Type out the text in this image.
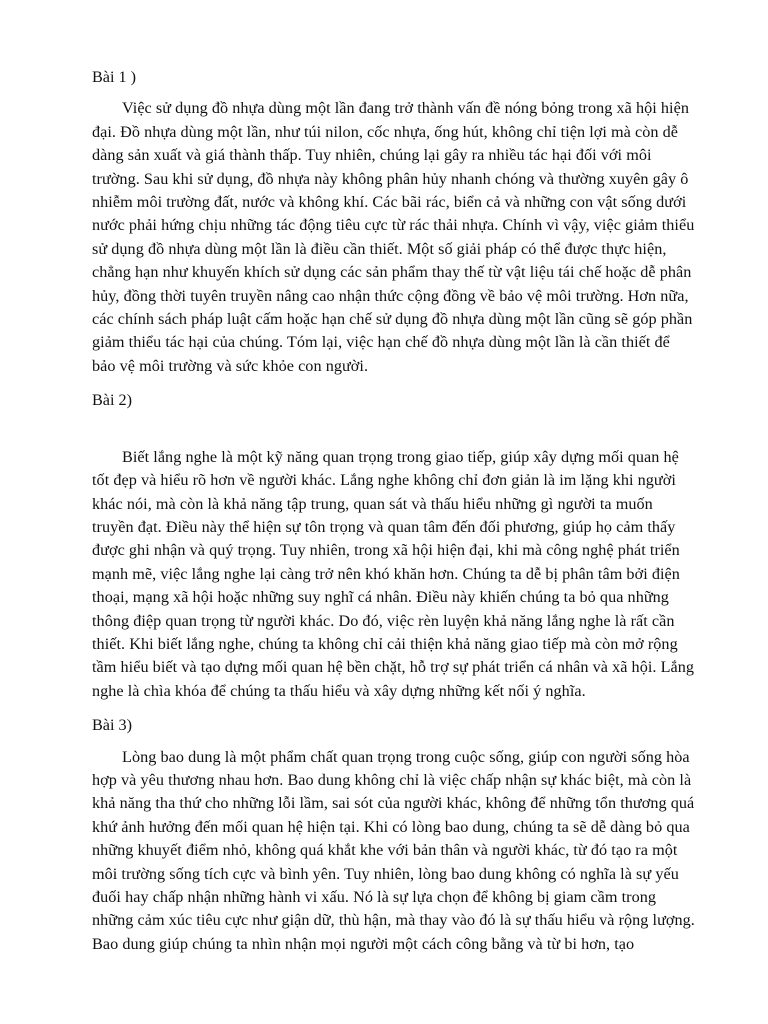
Bài 1 )

Việc sử dụng đồ nhựa dùng một lần đang trở thành vấn đề nóng bỏng trong xã hội hiện đại. Đồ nhựa dùng một lần, như túi nilon, cốc nhựa, ống hút, không chỉ tiện lợi mà còn dễ dàng sản xuất và giá thành thấp. Tuy nhiên, chúng lại gây ra nhiều tác hại đối với môi trường. Sau khi sử dụng, đồ nhựa này không phân hủy nhanh chóng và thường xuyên gây ô nhiễm môi trường đất, nước và không khí. Các bãi rác, biển cả và những con vật sống dưới nước phải hứng chịu những tác động tiêu cực từ rác thải nhựa. Chính vì vậy, việc giảm thiểu sử dụng đồ nhựa dùng một lần là điều cần thiết. Một số giải pháp có thể được thực hiện, chẳng hạn như khuyến khích sử dụng các sản phẩm thay thế từ vật liệu tái chế hoặc dễ phân hủy, đồng thời tuyên truyền nâng cao nhận thức cộng đồng về bảo vệ môi trường. Hơn nữa, các chính sách pháp luật cấm hoặc hạn chế sử dụng đồ nhựa dùng một lần cũng sẽ góp phần giảm thiểu tác hại của chúng. Tóm lại, việc hạn chế đồ nhựa dùng một lần là cần thiết để bảo vệ môi trường và sức khỏe con người.

Bài 2)

Biết lắng nghe là một kỹ năng quan trọng trong giao tiếp, giúp xây dựng mối quan hệ tốt đẹp và hiểu rõ hơn về người khác. Lắng nghe không chỉ đơn giản là im lặng khi người khác nói, mà còn là khả năng tập trung, quan sát và thấu hiểu những gì người ta muốn truyền đạt. Điều này thể hiện sự tôn trọng và quan tâm đến đối phương, giúp họ cảm thấy được ghi nhận và quý trọng. Tuy nhiên, trong xã hội hiện đại, khi mà công nghệ phát triển mạnh mẽ, việc lắng nghe lại càng trở nên khó khăn hơn. Chúng ta dễ bị phân tâm bởi điện thoại, mạng xã hội hoặc những suy nghĩ cá nhân. Điều này khiến chúng ta bỏ qua những thông điệp quan trọng từ người khác. Do đó, việc rèn luyện khả năng lắng nghe là rất cần thiết. Khi biết lắng nghe, chúng ta không chỉ cải thiện khả năng giao tiếp mà còn mở rộng tầm hiểu biết và tạo dựng mối quan hệ bền chặt, hỗ trợ sự phát triển cá nhân và xã hội. Lắng nghe là chìa khóa để chúng ta thấu hiểu và xây dựng những kết nối ý nghĩa.

Bài 3)

Lòng bao dung là một phẩm chất quan trọng trong cuộc sống, giúp con người sống hòa hợp và yêu thương nhau hơn. Bao dung không chỉ là việc chấp nhận sự khác biệt, mà còn là khả năng tha thứ cho những lỗi lầm, sai sót của người khác, không để những tổn thương quá khứ ảnh hưởng đến mối quan hệ hiện tại. Khi có lòng bao dung, chúng ta sẽ dễ dàng bỏ qua những khuyết điểm nhỏ, không quá khắt khe với bản thân và người khác, từ đó tạo ra một môi trường sống tích cực và bình yên. Tuy nhiên, lòng bao dung không có nghĩa là sự yếu đuối hay chấp nhận những hành vi xấu. Nó là sự lựa chọn để không bị giam cầm trong những cảm xúc tiêu cực như giận dữ, thù hận, mà thay vào đó là sự thấu hiểu và rộng lượng. Bao dung giúp chúng ta nhìn nhận mọi người một cách công bằng và từ bi hơn, tạo
